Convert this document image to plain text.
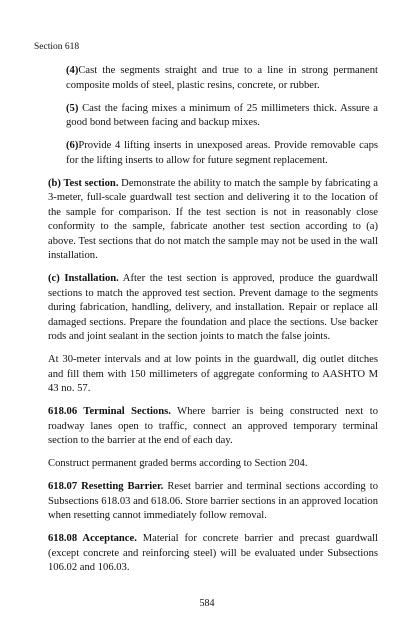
Section 618

(4)Cast the segments straight and true to a line in strong permanent composite molds of steel, plastic resins, concrete, or rubber.

(5) Cast the facing mixes a minimum of 25 millimeters thick. Assure a good bond between facing and backup mixes.

(6)Provide 4 lifting inserts in unexposed areas. Provide removable caps for the lifting inserts to allow for future segment replacement.

(b) Test section. Demonstrate the ability to match the sample by fabricating a 3-meter, full-scale guardwall test section and delivering it to the location of the sample for comparison. If the test section is not in reasonably close conformity to the sample, fabricate another test section according to (a) above. Test sections that do not match the sample may not be used in the wall installation.

(c) Installation. After the test section is approved, produce the guardwall sections to match the approved test section. Prevent damage to the segments during fabrication, handling, delivery, and installation. Repair or replace all damaged sections. Prepare the foundation and place the sections. Use backer rods and joint sealant in the section joints to match the false joints.

At 30-meter intervals and at low points in the guardwall, dig outlet ditches and fill them with 150 millimeters of aggregate conforming to AASHTO M 43 no. 57.

618.06 Terminal Sections. Where barrier is being constructed next to roadway lanes open to traffic, connect an approved temporary terminal section to the barrier at the end of each day.

Construct permanent graded berms according to Section 204.

618.07 Resetting Barrier. Reset barrier and terminal sections according to Subsections 618.03 and 618.06. Store barrier sections in an approved location when resetting cannot immediately follow removal.

618.08 Acceptance. Material for concrete barrier and precast guardwall (except concrete and reinforcing steel) will be evaluated under Subsections 106.02 and 106.03.

584
